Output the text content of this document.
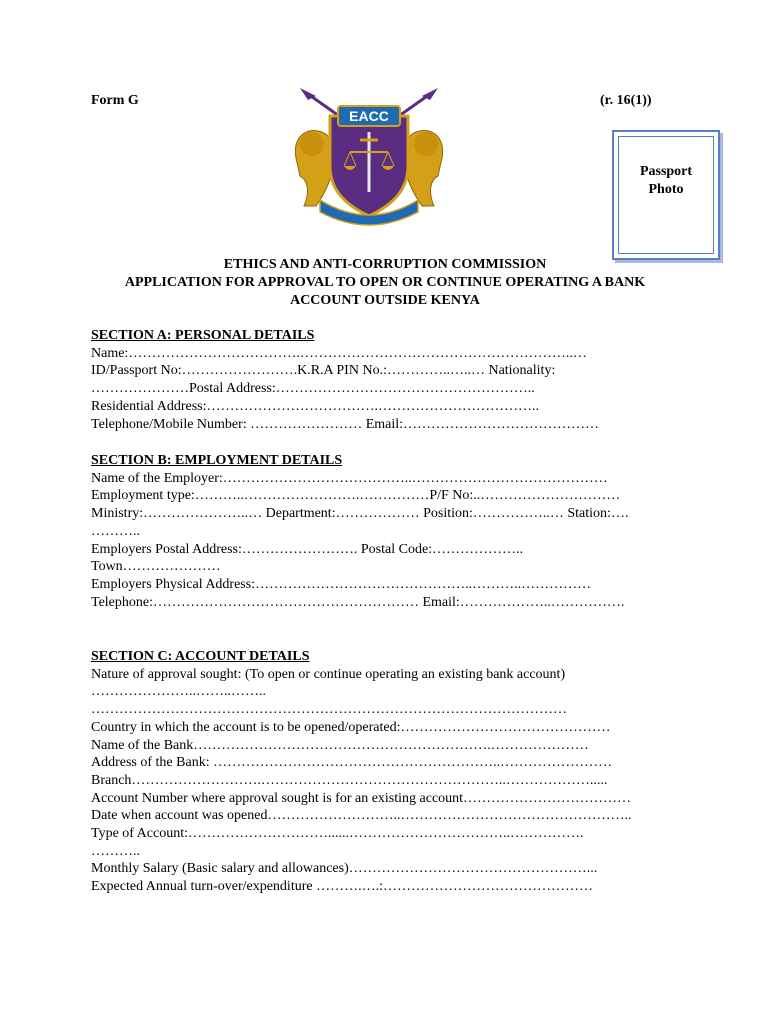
Form G	(r. 16(1))
EACC
Passport
Photo
ETHICS AND ANTI-CORRUPTION COMMISSION
APPLICATION FOR APPROVAL TO OPEN OR CONTINUE OPERATING A BANK
ACCOUNT OUTSIDE KENYA
SECTION A: PERSONAL DETAILS
Name:……………………………….…………………………………………………..…
ID/Passport No:…………………….K.R.A PIN No.:…………..…..… Nationality:
…………………Postal Address:………………………………………………..
Residential Address:……………………………….……………………………..
Telephone/Mobile Number: …………………… Email:……………………………………
SECTION B: EMPLOYMENT DETAILS
Name of the Employer:…………………………………..……………………………………
Employment type:………..…………………….……………P/F No:..…………………………
Ministry:…………………..… Department:……………… Position:……………..… Station:….
………..
Employers Postal Address:……………………. Postal Code:………………..
Town…………………
Employers Physical Address:………………………………………..………..……………
Telephone:………………………………………………… Email:………………..…………….
SECTION C: ACCOUNT DETAILS
Nature of approval sought: (To open or continue operating an existing bank account)
…………………..……..……..
…………………………………………………………………………………………
Country in which the account is to be opened/operated:………………………………………
Name of the Bank……………………………………………………….…………………
Address of the Bank: ……………………………………………………..……………………
Branch……………………….……………………………………………..……………….....
Account Number where approval sought is for an existing account………………………………
Date when account was opened………………………..…………………………………………..
Type of Account:…………………………......……………………………..…………….
………..
Monthly Salary (Basic salary and allowances)……………………………………………...
Expected Annual turn-over/expenditure ……….….:………………………………………
